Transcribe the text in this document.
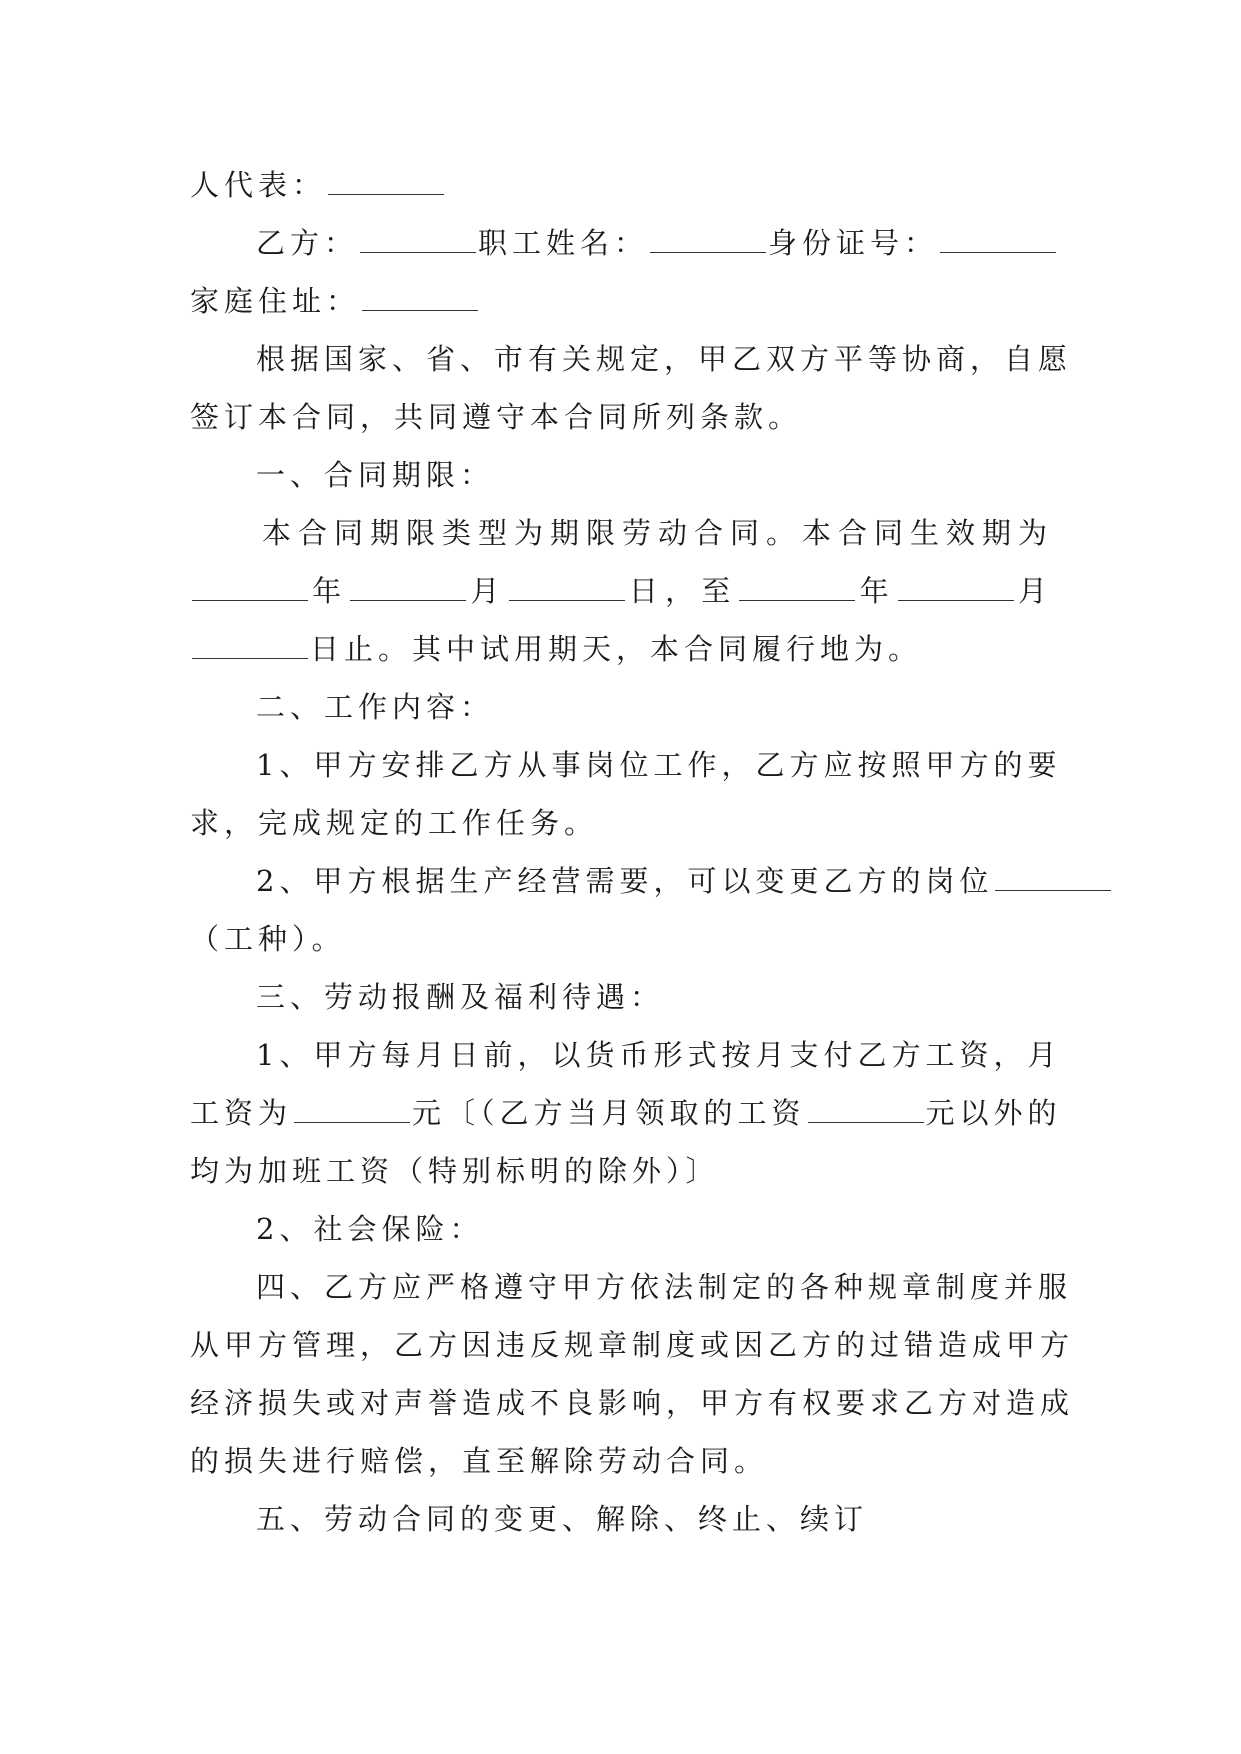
人代表：

乙方：	职工姓名：	身份证号：

家庭住址：

根据国家、省、市有关规定，甲乙双方平等协商，自愿

签订本合同，共同遵守本合同所列条款。

一、合同期限：

本合同期限类型为期限劳动合同。本合同生效期为

年	月	日，至	年	月

日止。其中试用期天，本合同履行地为。

二、工作内容：

1、甲方安排乙方从事岗位工作，乙方应按照甲方的要

求，完成规定的工作任务。

2、甲方根据生产经营需要，可以变更乙方的岗位

（工种）。

三、劳动报酬及福利待遇：

1、甲方每月日前，以货币形式按月支付乙方工资，月

工资为	元〔（乙方当月领取的工资	元以外的

均为加班工资（特别标明的除外）〕

2、社会保险：

四、乙方应严格遵守甲方依法制定的各种规章制度并服

从甲方管理，乙方因违反规章制度或因乙方的过错造成甲方

经济损失或对声誉造成不良影响，甲方有权要求乙方对造成

的损失进行赔偿，直至解除劳动合同。

五、劳动合同的变更、解除、终止、续订
